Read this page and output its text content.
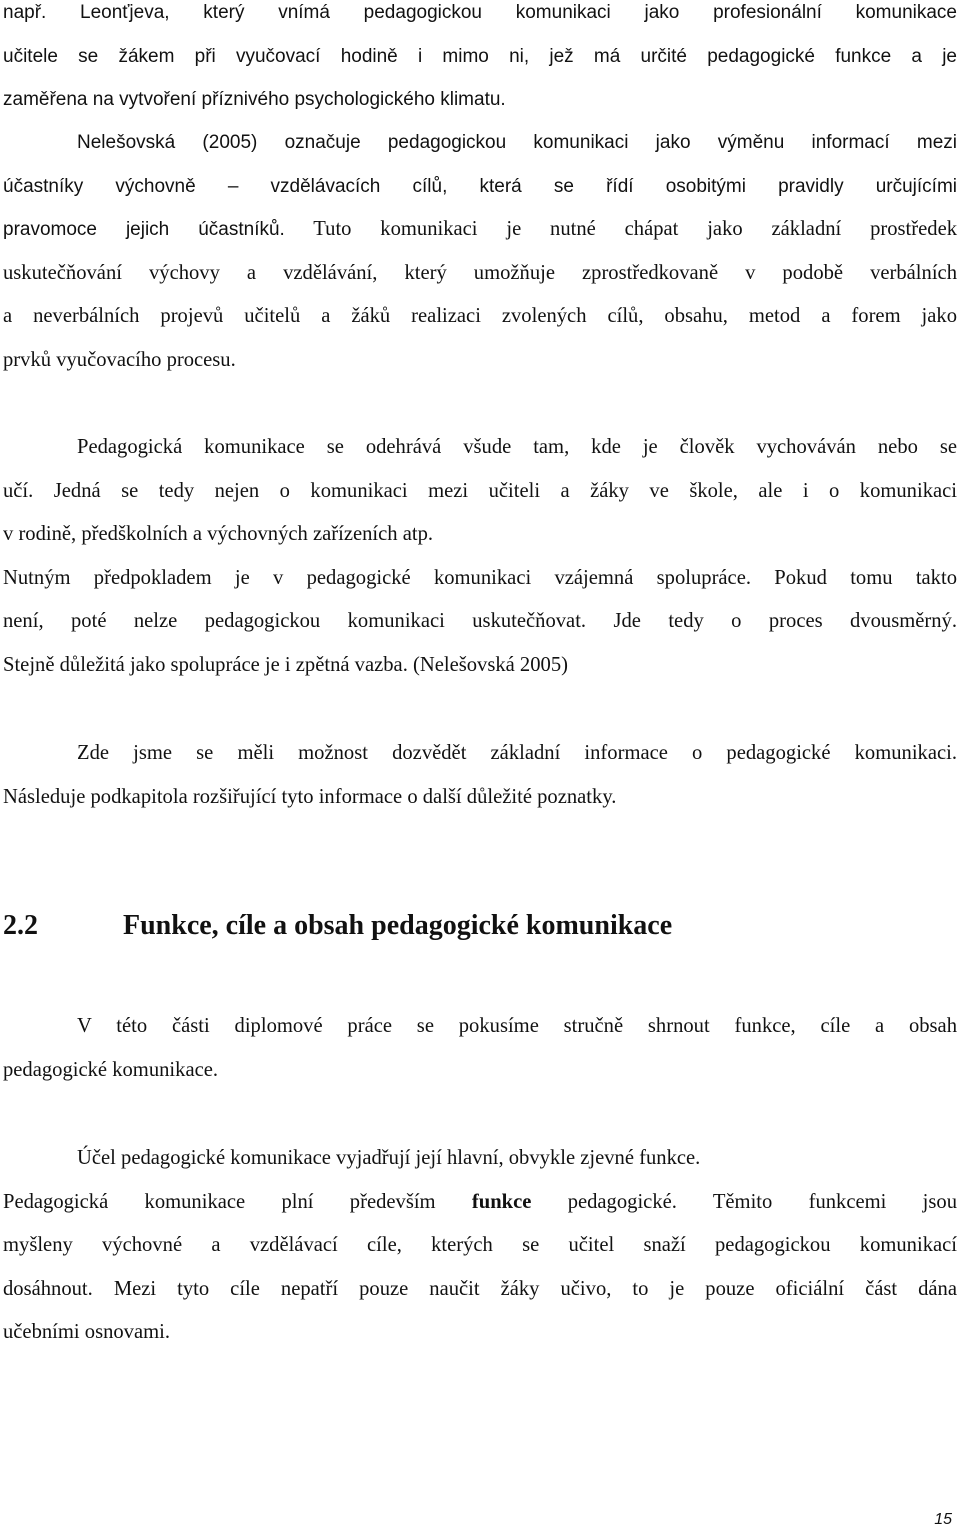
např. Leonťjeva, který vnímá pedagogickou komunikaci jako profesionální komunikace
učitele se žákem při vyučovací hodině i mimo ni, jež má určité pedagogické funkce a je
zaměřena na vytvoření příznivého psychologického klimatu.
Nelešovská (2005) označuje pedagogickou komunikaci jako výměnu informací mezi
účastníky výchovně – vzdělávacích cílů, která se řídí osobitými pravidly určujícími
pravomoce jejich účastníků. Tuto komunikaci je nutné chápat jako základní prostředek
uskutečňování výchovy a vzdělávání, který umožňuje zprostředkovaně v podobě verbálních
a neverbálních projevů učitelů a žáků realizaci zvolených cílů, obsahu, metod a forem jako
prvků vyučovacího procesu.
Pedagogická komunikace se odehrává všude tam, kde je člověk vychováván nebo se
učí. Jedná se tedy nejen o komunikaci mezi učiteli a žáky ve škole, ale i o komunikaci
v rodině, předškolních a výchovných zařízeních atp.
Nutným předpokladem je v pedagogické komunikaci vzájemná spolupráce. Pokud tomu takto
není, poté nelze pedagogickou komunikaci uskutečňovat. Jde tedy o proces dvousměrný.
Stejně důležitá jako spolupráce je i zpětná vazba. (Nelešovská 2005)
Zde jsme se měli možnost dozvědět základní informace o pedagogické komunikaci.
Následuje podkapitola rozšiřující tyto informace o další důležité poznatky.
2.2	Funkce, cíle a obsah pedagogické komunikace
V této části diplomové práce se pokusíme stručně shrnout funkce, cíle a obsah
pedagogické komunikace.
Účel pedagogické komunikace vyjadřují její hlavní, obvykle zjevné funkce.
Pedagogická komunikace plní především funkce pedagogické. Těmito funkcemi jsou
myšleny výchovné a vzdělávací cíle, kterých se učitel snaží pedagogickou komunikací
dosáhnout. Mezi tyto cíle nepatří pouze naučit žáky učivo, to je pouze oficiální část dána
učebními osnovami.
15
